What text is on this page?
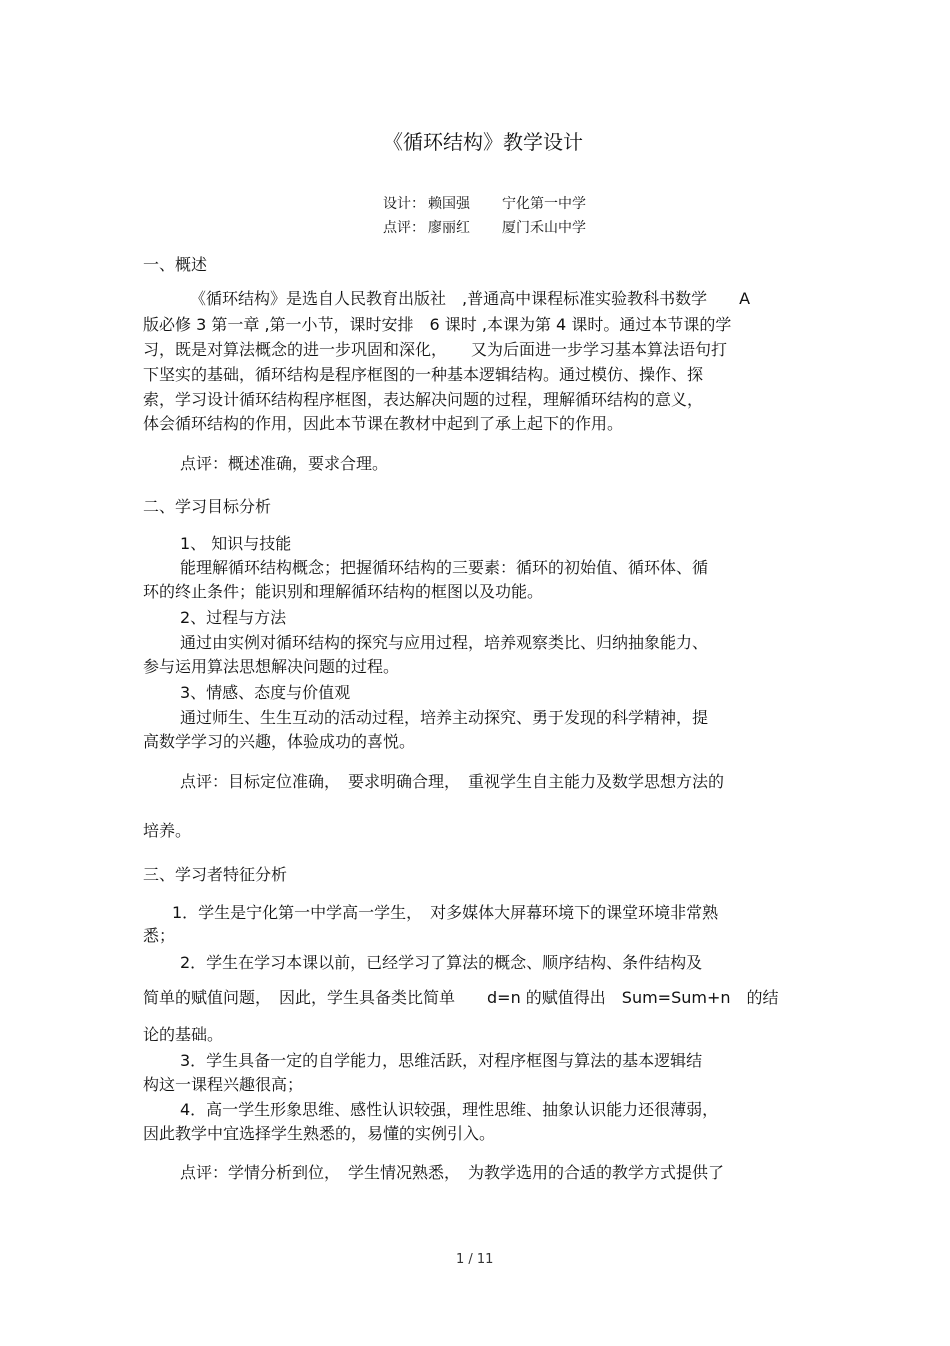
《循环结构》教学设计
设计： 赖国强 宁化第一中学
点评： 廖丽红 厦门禾山中学
一、概述
《循环结构》是选自人民教育出版社　,普通高中课程标准实验教科书数学　　A
版必修 3 第一章 ,第一小节，课时安排　6 课时 ,本课为第 4 课时。通过本节课的学
习，既是对算法概念的进一步巩固和深化，　　又为后面进一步学习基本算法语句打
下坚实的基础，循环结构是程序框图的一种基本逻辑结构。通过模仿、操作、探
索，学习设计循环结构程序框图，表达解决问题的过程，理解循环结构的意义，
体会循环结构的作用，因此本节课在教材中起到了承上起下的作用。
点评：概述准确，要求合理。
二、学习目标分析
1、 知识与技能
能理解循环结构概念；把握循环结构的三要素：循环的初始值、循环体、循
环的终止条件；能识别和理解循环结构的框图以及功能。
2、过程与方法
通过由实例对循环结构的探究与应用过程，培养观察类比、归纳抽象能力、
参与运用算法思想解决问题的过程。
3、情感、态度与价值观
通过师生、生生互动的活动过程，培养主动探究、勇于发现的科学精神，提
高数学学习的兴趣，体验成功的喜悦。
点评：目标定位准确，　要求明确合理，　重视学生自主能力及数学思想方法的
培养。
三、学习者特征分析
1．学生是宁化第一中学高一学生，　对多媒体大屏幕环境下的课堂环境非常熟
悉；
2．学生在学习本课以前，已经学习了算法的概念、顺序结构、条件结构及
简单的赋值问题，　因此，学生具备类比简单　　d=n 的赋值得出　Sum=Sum+n　的结
论的基础。
3．学生具备一定的自学能力，思维活跃，对程序框图与算法的基本逻辑结
构这一课程兴趣很高；
4．高一学生形象思维、感性认识较强，理性思维、抽象认识能力还很薄弱，
因此教学中宜选择学生熟悉的，易懂的实例引入。
点评：学情分析到位，　学生情况熟悉，　为教学选用的合适的教学方式提供了
1 / 11
